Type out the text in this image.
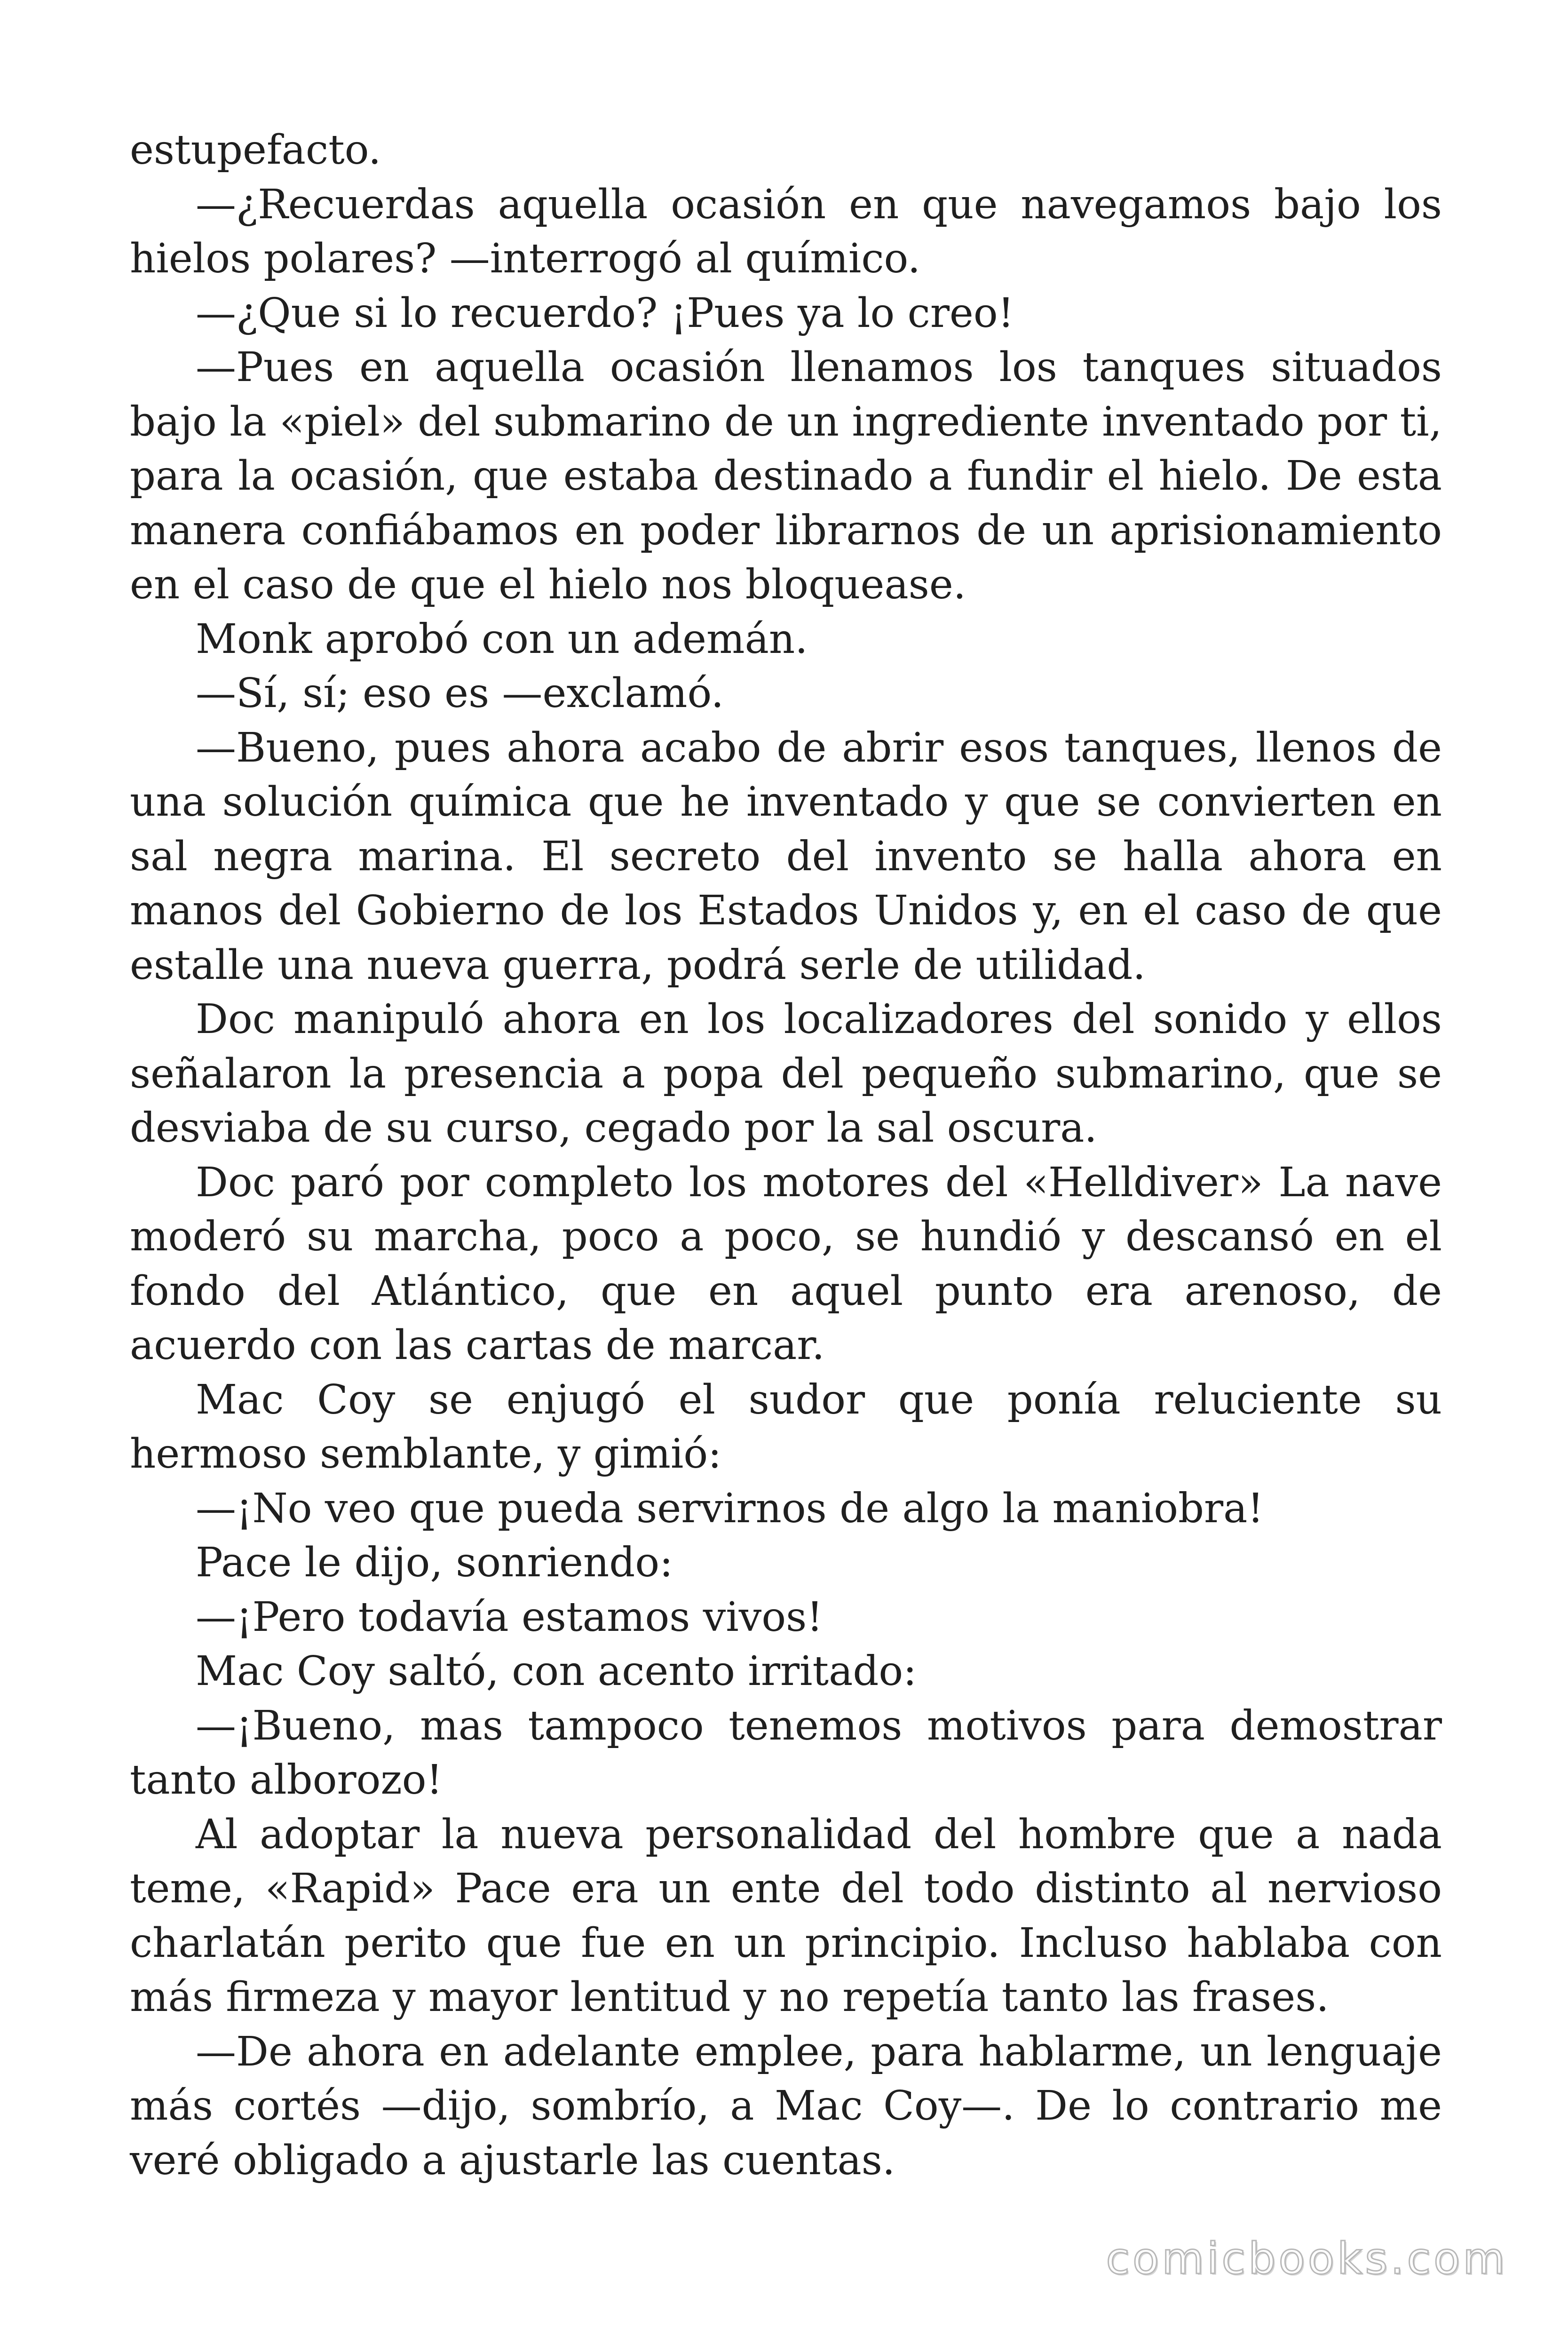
estupefacto.

—¿Recuerdas aquella ocasión en que navegamos bajo los hielos polares? —interrogó al químico.

—¿Que si lo recuerdo? ¡Pues ya lo creo!

—Pues en aquella ocasión llenamos los tanques situados bajo la «piel» del submarino de un ingrediente inventado por ti, para la ocasión, que estaba destinado a fundir el hielo. De esta manera confiábamos en poder librarnos de un aprisionamiento en el caso de que el hielo nos bloquease.

Monk aprobó con un ademán.

—Sí, sí; eso es —exclamó.

—Bueno, pues ahora acabo de abrir esos tanques, llenos de una solución química que he inventado y que se convierten en sal negra marina. El secreto del invento se halla ahora en manos del Gobierno de los Estados Unidos y, en el caso de que estalle una nueva guerra, podrá serle de utilidad.

Doc manipuló ahora en los localizadores del sonido y ellos señalaron la presencia a popa del pequeño submarino, que se desviaba de su curso, cegado por la sal oscura.

Doc paró por completo los motores del «Helldiver» La nave moderó su marcha, poco a poco, se hundió y descansó en el fondo del Atlántico, que en aquel punto era arenoso, de acuerdo con las cartas de marcar.

Mac Coy se enjugó el sudor que ponía reluciente su hermoso semblante, y gimió:

—¡No veo que pueda servirnos de algo la maniobra!

Pace le dijo, sonriendo:

—¡Pero todavía estamos vivos!

Mac Coy saltó, con acento irritado:

—¡Bueno, mas tampoco tenemos motivos para demostrar tanto alborozo!

Al adoptar la nueva personalidad del hombre que a nada teme, «Rapid» Pace era un ente del todo distinto al nervioso charlatán perito que fue en un principio. Incluso hablaba con más firmeza y mayor lentitud y no repetía tanto las frases.

—De ahora en adelante emplee, para hablarme, un lenguaje más cortés —dijo, sombrío, a Mac Coy—. De lo contrario me veré obligado a ajustarle las cuentas.

comicbooks.com
